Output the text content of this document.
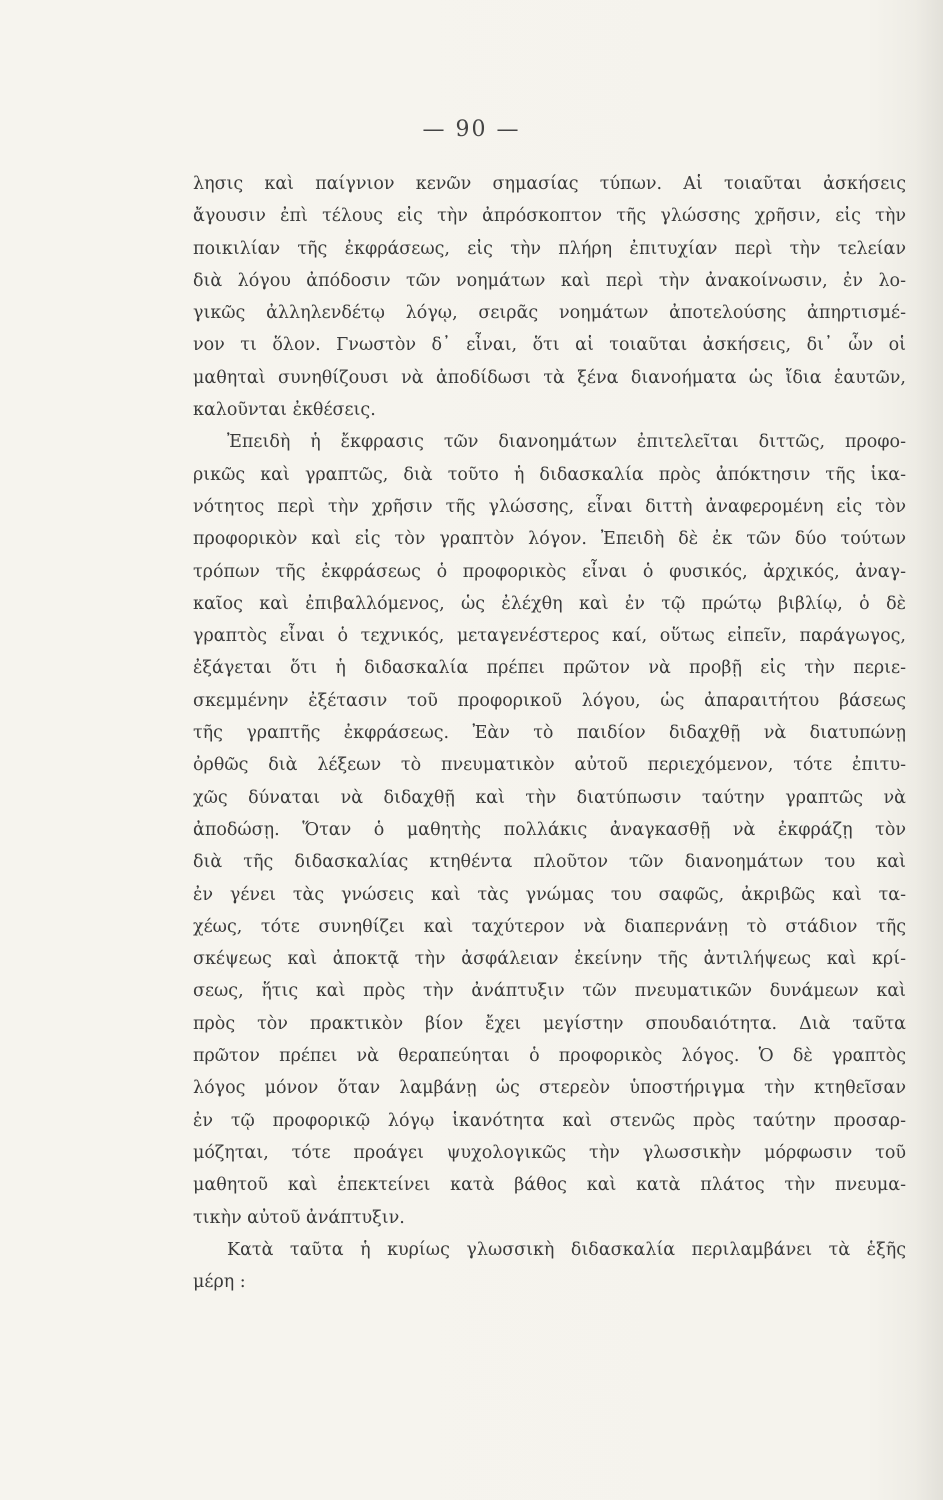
— 90 —
λησις καὶ παίγνιον κενῶν σημασίας τύπων. Αἱ τοιαῦται ἀσκήσεις
ἄγουσιν ἐπὶ τέλους εἰς τὴν ἀπρόσκοπτον τῆς γλώσσης χρῆσιν, εἰς τὴν
ποικιλίαν τῆς ἐκφράσεως, εἰς τὴν πλήρη ἐπιτυχίαν περὶ τὴν τελείαν
διὰ λόγου ἀπόδοσιν τῶν νοημάτων καὶ περὶ τὴν ἀνακοίνωσιν, ἐν λο-
γικῶς ἀλληλενδέτῳ λόγῳ, σειρᾶς νοημάτων ἀποτελούσης ἀπηρτισμέ-
νον τι ὅλον. Γνωστὸν δ᾽ εἶναι, ὅτι αἱ τοιαῦται ἀσκήσεις, δι᾽ ὧν οἱ
μαθηταὶ συνηθίζουσι νὰ ἀποδίδωσι τὰ ξένα διανοήματα ὡς ἴδια ἑαυτῶν,
καλοῦνται ἐκθέσεις.
Ἐπειδὴ ἡ ἔκφρασις τῶν διανοημάτων ἐπιτελεῖται διττῶς, προφο-
ρικῶς καὶ γραπτῶς, διὰ τοῦτο ἡ διδασκαλία πρὸς ἀπόκτησιν τῆς ἱκα-
νότητος περὶ τὴν χρῆσιν τῆς γλώσσης, εἶναι διττὴ ἀναφερομένη εἰς τὸν
προφορικὸν καὶ εἰς τὸν γραπτὸν λόγον. Ἐπειδὴ δὲ ἐκ τῶν δύο τούτων
τρόπων τῆς ἐκφράσεως ὁ προφορικὸς εἶναι ὁ φυσικός, ἀρχικός, ἀναγ-
καῖος καὶ ἐπιβαλλόμενος, ὡς ἐλέχθη καὶ ἐν τῷ πρώτῳ βιβλίῳ, ὁ δὲ
γραπτὸς εἶναι ὁ τεχνικός, μεταγενέστερος καί, οὕτως εἰπεῖν, παράγωγος,
ἐξάγεται ὅτι ἡ διδασκαλία πρέπει πρῶτον νὰ προβῇ εἰς τὴν περιε-
σκεμμένην ἐξέτασιν τοῦ προφορικοῦ λόγου, ὡς ἀπαραιτήτου βάσεως
τῆς γραπτῆς ἐκφράσεως. Ἐὰν τὸ παιδίον διδαχθῇ νὰ διατυπώνῃ
ὀρθῶς διὰ λέξεων τὸ πνευματικὸν αὐτοῦ περιεχόμενον, τότε ἐπιτυ-
χῶς δύναται νὰ διδαχθῇ καὶ τὴν διατύπωσιν ταύτην γραπτῶς νὰ
ἀποδώσῃ. Ὅταν ὁ μαθητὴς πολλάκις ἀναγκασθῇ νὰ ἐκφράζῃ τὸν
διὰ τῆς διδασκαλίας κτηθέντα πλοῦτον τῶν διανοημάτων του καὶ
ἐν γένει τὰς γνώσεις καὶ τὰς γνώμας του σαφῶς, ἀκριβῶς καὶ τα-
χέως, τότε συνηθίζει καὶ ταχύτερον νὰ διαπερνάνῃ τὸ στάδιον τῆς
σκέψεως καὶ ἀποκτᾷ τὴν ἀσφάλειαν ἐκείνην τῆς ἀντιλήψεως καὶ κρί-
σεως, ἥτις καὶ πρὸς τὴν ἀνάπτυξιν τῶν πνευματικῶν δυνάμεων καὶ
πρὸς τὸν πρακτικὸν βίον ἔχει μεγίστην σπουδαιότητα. Διὰ ταῦτα
πρῶτον πρέπει νὰ θεραπεύηται ὁ προφορικὸς λόγος. Ὁ δὲ γραπτὸς
λόγος μόνον ὅταν λαμβάνῃ ὡς στερεὸν ὑποστήριγμα τὴν κτηθεῖσαν
ἐν τῷ προφορικῷ λόγῳ ἱκανότητα καὶ στενῶς πρὸς ταύτην προσαρ-
μόζηται, τότε προάγει ψυχολογικῶς τὴν γλωσσικὴν μόρφωσιν τοῦ
μαθητοῦ καὶ ἐπεκτείνει κατὰ βάθος καὶ κατὰ πλάτος τὴν πνευμα-
τικὴν αὐτοῦ ἀνάπτυξιν.
Κατὰ ταῦτα ἡ κυρίως γλωσσικὴ διδασκαλία περιλαμβάνει τὰ ἑξῆς
μέρη :
